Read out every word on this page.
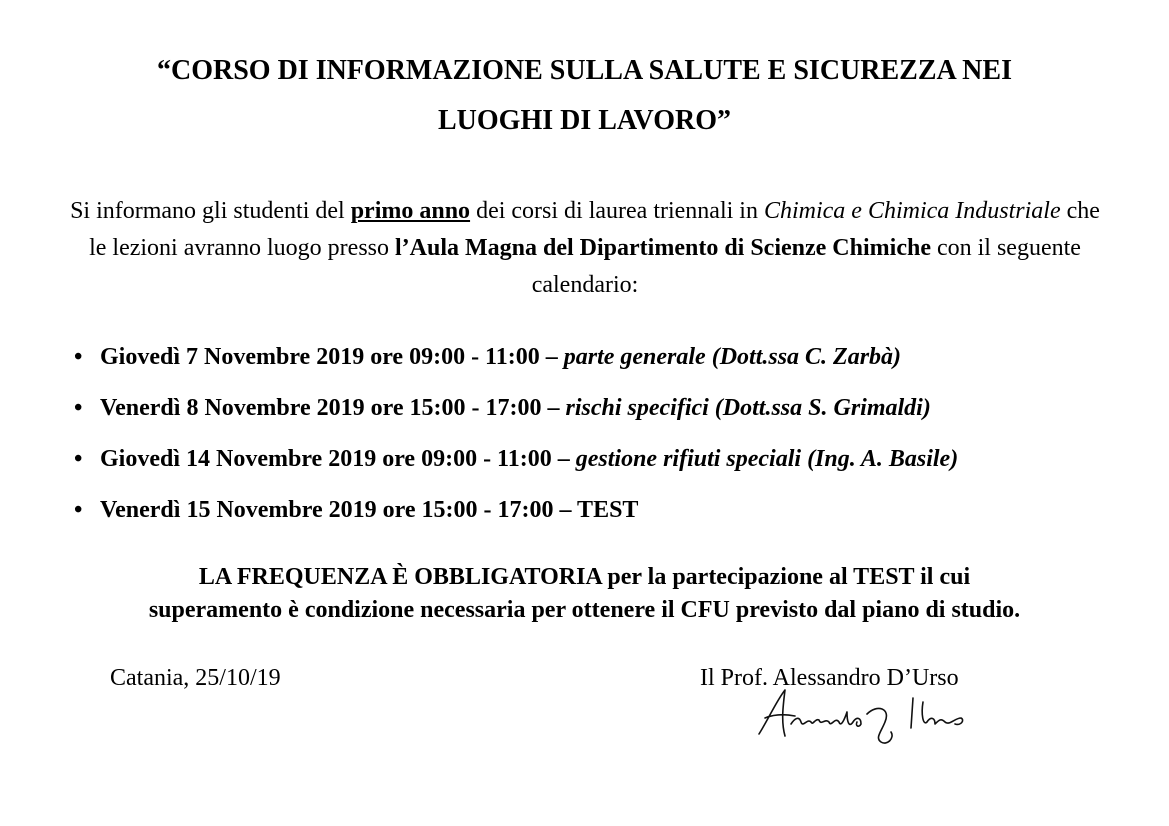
“CORSO DI INFORMAZIONE SULLA SALUTE E SICUREZZA NEI
LUOGHI DI LAVORO”
Si informano gli studenti del primo anno dei corsi di laurea triennali in Chimica e Chimica Industriale che le lezioni avranno luogo presso l’Aula Magna del Dipartimento di Scienze Chimiche con il seguente calendario:
• Giovedì 7 Novembre 2019 ore 09:00 - 11:00 – parte generale (Dott.ssa C. Zarbà)
• Venerdì 8 Novembre 2019 ore 15:00 - 17:00 – rischi specifici (Dott.ssa S. Grimaldi)
• Giovedì 14 Novembre 2019 ore 09:00 - 11:00 – gestione rifiuti speciali (Ing. A. Basile)
• Venerdì 15 Novembre 2019 ore 15:00 - 17:00 – TEST
LA FREQUENZA È OBBLIGATORIA per la partecipazione al TEST il cui
superamento è condizione necessaria per ottenere il CFU previsto dal piano di studio.
Catania, 25/10/19	Il Prof. Alessandro D’Urso
